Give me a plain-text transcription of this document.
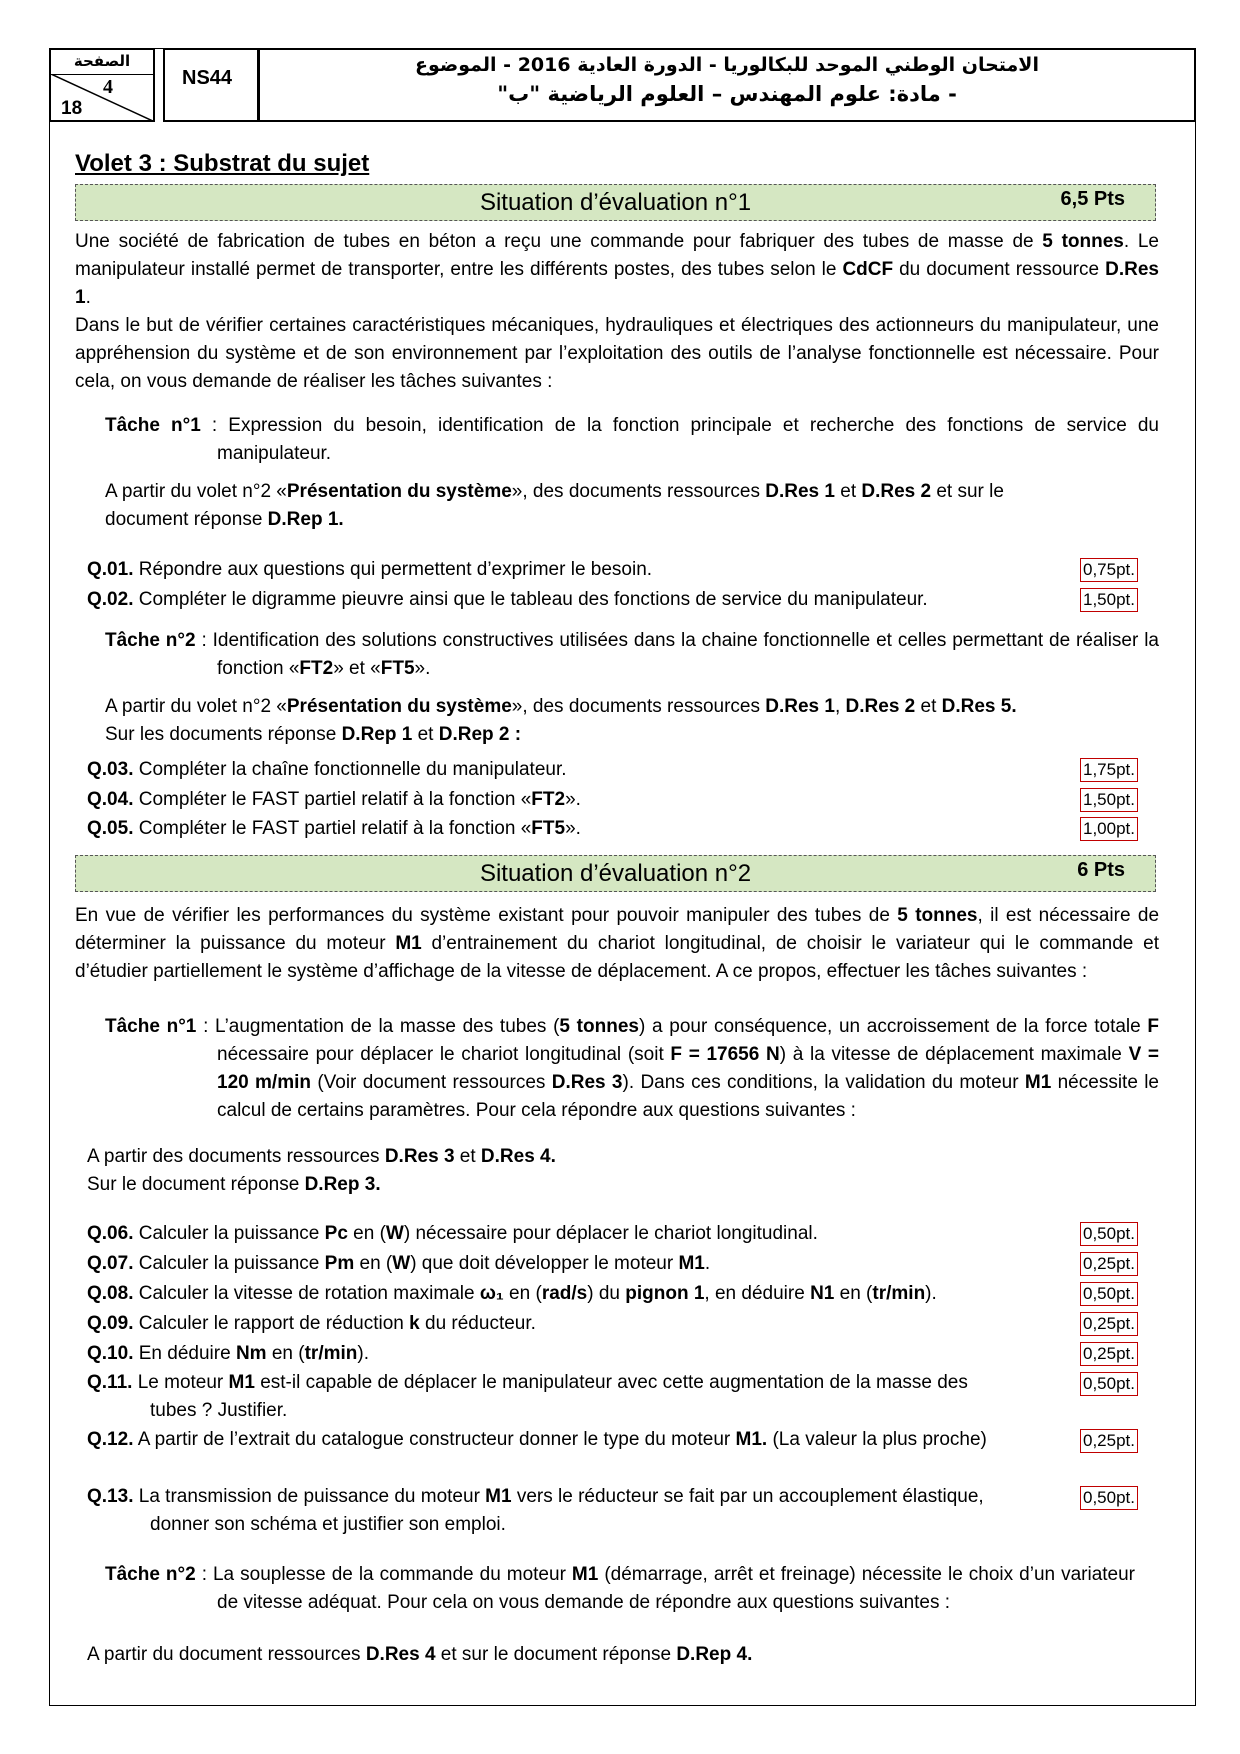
الصفحة
4
18
NS44
الامتحان الوطني الموحد للبكالوريا - الدورة العادية 2016 - الموضوع
- مادة: علوم المهندس – العلوم الرياضية "ب"
Volet 3 : Substrat du sujet
Situation d’évaluation n°1	6,5 Pts

Une société de fabrication de tubes en béton a reçu une commande pour fabriquer des tubes de masse de 5 tonnes. Le manipulateur installé permet de transporter, entre les différents postes, des tubes selon le CdCF du document ressource D.Res 1.

Dans le but de vérifier certaines caractéristiques mécaniques, hydrauliques et électriques des actionneurs du manipulateur, une appréhension du système et de son environnement par l’exploitation des outils de l’analyse fonctionnelle est nécessaire. Pour cela, on vous demande de réaliser les tâches suivantes :

Tâche n°1 : Expression du besoin, identification de la fonction principale et recherche des fonctions de service du manipulateur.
A partir du volet n°2 «Présentation du système», des documents ressources D.Res 1 et D.Res 2 et sur le
document réponse D.Rep 1.
Q.01. Répondre aux questions qui permettent d’exprimer le besoin.	0,75pt.
Q.02. Compléter le digramme pieuvre ainsi que le tableau des fonctions de service du manipulateur.	1,50pt.
Tâche n°2 : Identification des solutions constructives utilisées dans la chaine fonctionnelle et celles permettant de réaliser la fonction «FT2» et «FT5».
A partir du volet n°2 «Présentation du système», des documents ressources D.Res 1, D.Res 2 et D.Res 5.
Sur les documents réponse D.Rep 1 et D.Rep 2 :
Q.03. Compléter la chaîne fonctionnelle du manipulateur.	1,75pt.
Q.04. Compléter le FAST partiel relatif à la fonction «FT2».	1,50pt.
Q.05. Compléter le FAST partiel relatif à la fonction «FT5».	1,00pt.
Situation d’évaluation n°2	6 Pts

En vue de vérifier les performances du système existant pour pouvoir manipuler des tubes de 5 tonnes, il est nécessaire de déterminer la puissance du moteur M1 d’entrainement du chariot longitudinal, de choisir le variateur qui le commande et d’étudier partiellement le système d’affichage de la vitesse de déplacement. A ce propos, effectuer les tâches suivantes :

Tâche n°1 : L’augmentation de la masse des tubes (5 tonnes) a pour conséquence, un accroissement de la force totale F nécessaire pour déplacer le chariot longitudinal (soit F = 17656 N) à la vitesse de déplacement maximale V = 120 m/min (Voir document ressources D.Res 3). Dans ces conditions, la validation du moteur M1 nécessite le calcul de certains paramètres. Pour cela répondre aux questions suivantes :
A partir des documents ressources D.Res 3 et D.Res 4.
Sur le document réponse D.Rep 3.
Q.06. Calculer la puissance Pc en (W) nécessaire pour déplacer le chariot longitudinal.	0,50pt.
Q.07. Calculer la puissance Pm en (W) que doit développer le moteur M1.	0,25pt.
Q.08. Calculer la vitesse de rotation maximale ω₁ en (rad/s) du pignon 1, en déduire N1 en (tr/min).	0,50pt.
Q.09. Calculer le rapport de réduction k du réducteur.	0,25pt.
Q.10. En déduire Nm en (tr/min).	0,25pt.
Q.11. Le moteur M1 est-il capable de déplacer le manipulateur avec cette augmentation de la masse des tubes ? Justifier.
0,50pt.
Q.12. A partir de l’extrait du catalogue constructeur donner le type du moteur M1. (La valeur la plus proche)	0,25pt.
Q.13. La transmission de puissance du moteur M1 vers le réducteur se fait par un accouplement élastique, donner son schéma et justifier son emploi.
0,50pt.
Tâche n°2 : La souplesse de la commande du moteur M1 (démarrage, arrêt et freinage) nécessite le choix d’un variateur de vitesse adéquat. Pour cela on vous demande de répondre aux questions suivantes :
A partir du document ressources D.Res 4 et sur le document réponse D.Rep 4.
